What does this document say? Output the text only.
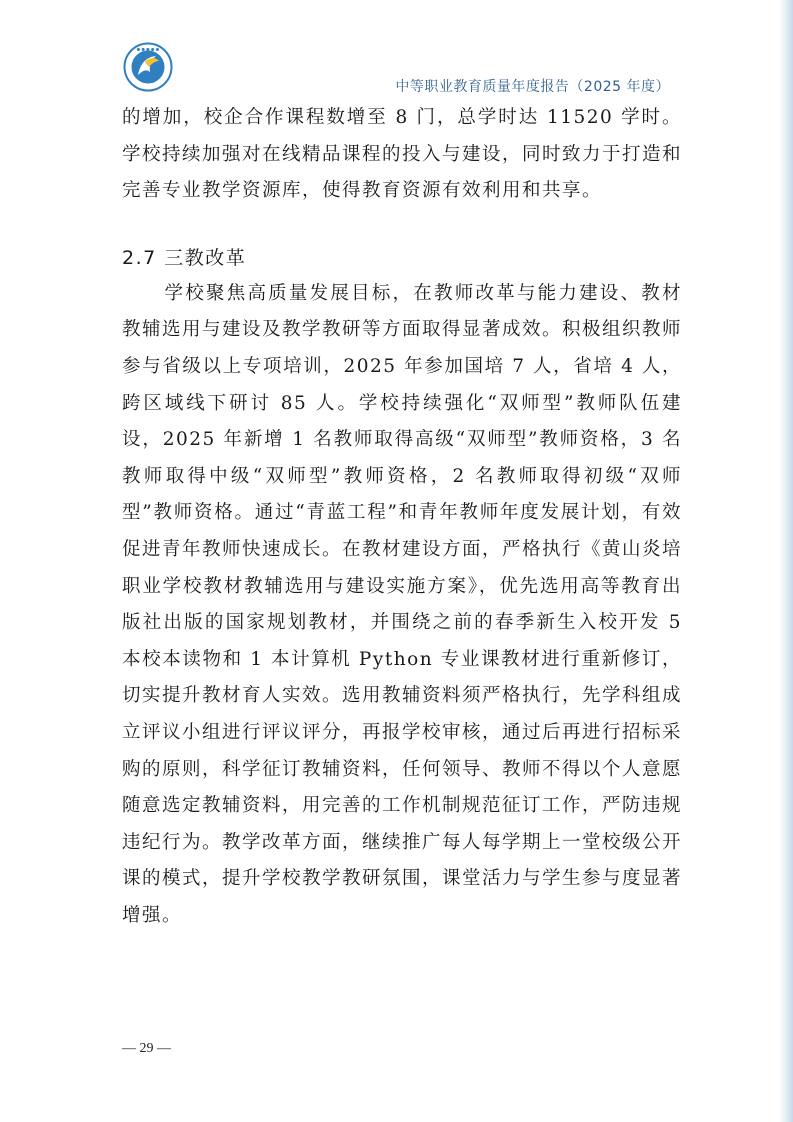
● ● ● ● ●
中等职业教育质量年度报告（2025 年度）

的增加，校企合作课程数增至 8 门，总学时达 11520 学时。学校持续加强对在线精品课程的投入与建设，同时致力于打造和完善专业教学资源库，使得教育资源有效利用和共享。

2.7 三教改革

学校聚焦高质量发展目标，在教师改革与能力建设、教材教辅选用与建设及教学教研等方面取得显著成效。积极组织教师参与省级以上专项培训，2025 年参加国培 7 人，省培 4 人，跨区域线下研讨 85 人。学校持续强化“双师型”教师队伍建设，2025 年新增 1 名教师取得高级“双师型”教师资格，3 名教师取得中级“双师型”教师资格，2 名教师取得初级“双师型”教师资格。通过“青蓝工程”和青年教师年度发展计划，有效促进青年教师快速成长。在教材建设方面，严格执行《黄山炎培职业学校教材教辅选用与建设实施方案》，优先选用高等教育出版社出版的国家规划教材，并围绕之前的春季新生入校开发 5 本校本读物和 1 本计算机 Python 专业课教材进行重新修订，切实提升教材育人实效。选用教辅资料须严格执行，先学科组成立评议小组进行评议评分，再报学校审核，通过后再进行招标采购的原则，科学征订教辅资料，任何领导、教师不得以个人意愿随意选定教辅资料，用完善的工作机制规范征订工作，严防违规违纪行为。教学改革方面，继续推广每人每学期上一堂校级公开课的模式，提升学校教学教研氛围，课堂活力与学生参与度显著增强。

— 29 —
